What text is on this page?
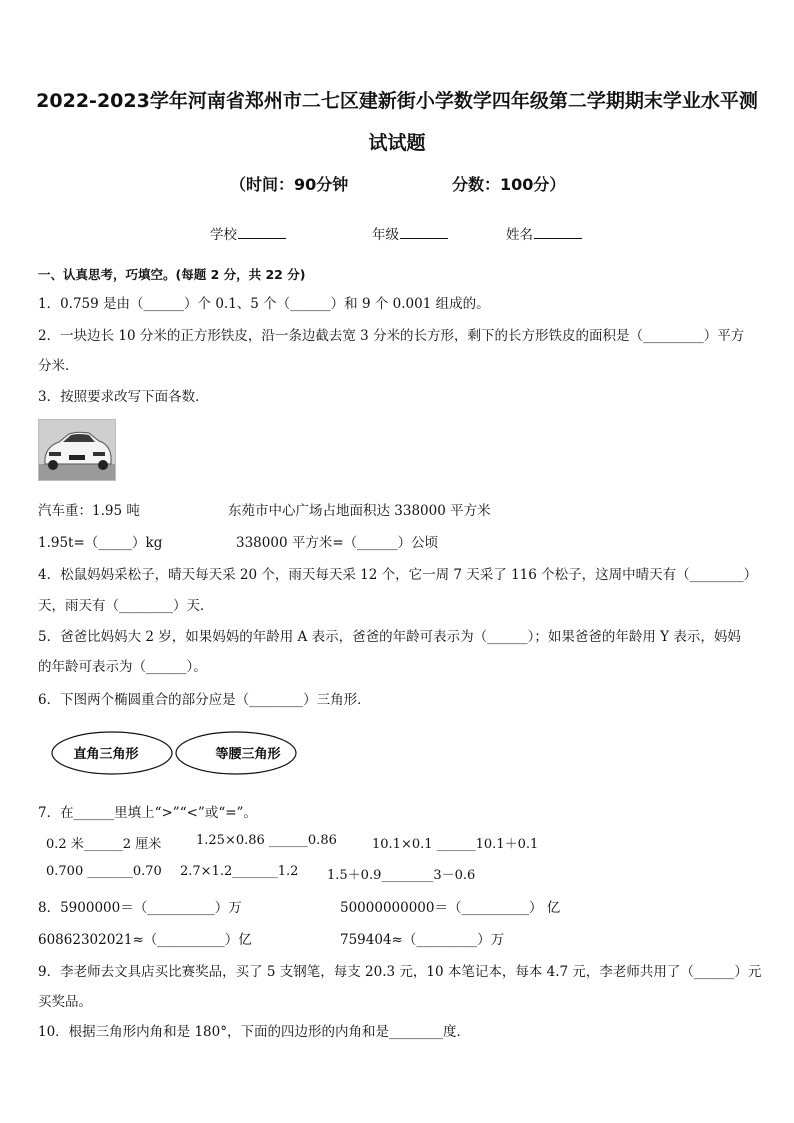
2022-2023学年河南省郑州市二七区建新街小学数学四年级第二学期期末学业水平测
试试题
（时间：90分钟	分数：100分）
学校	年级	姓名
一、认真思考，巧填空。(每题 2 分，共 22 分)
1．0.759 是由（______）个 0.1、5 个（______）和 9 个 0.001 组成的。
2．一块边长 10 分米的正方形铁皮，沿一条边截去宽 3 分米的长方形，剩下的长方形铁皮的面积是（_________）平方
分米．
3．按照要求改写下面各数．
汽车重：1.95 吨	东苑市中心广场占地面积达 338000 平方米
1.95t=（_____）kg	338000 平方米=（______）公顷
4．松鼠妈妈采松子，晴天每天采 20 个，雨天每天采 12 个，它一周 7 天采了 116 个松子，这周中晴天有（________）
天，雨天有（________）天．
5．爸爸比妈妈大 2 岁，如果妈妈的年龄用 A 表示，爸爸的年龄可表示为（______）；如果爸爸的年龄用 Y 表示，妈妈
的年龄可表示为（______）。
6．下图两个椭圆重合的部分应是（________）三角形．
直角三角形	等腰三角形
7．在______里填上“>”“<”或“=”。
0.2 米______2 厘米	1.25×0.86 ______0.86	10.1×0.1 ______10.1＋0.1
0.700 _______0.70 2.7×1.2_______1.2 1.5＋0.9________3－0.6
8．5900000＝（__________）万	50000000000＝（__________） 亿
60862302021≈（__________）亿	759404≈（_________）万
9．李老师去文具店买比赛奖品，买了 5 支钢笔，每支 20.3 元，10 本笔记本，每本 4.7 元，李老师共用了（______）元
买奖品。
10．根据三角形内角和是 180°，下面的四边形的内角和是________度．
